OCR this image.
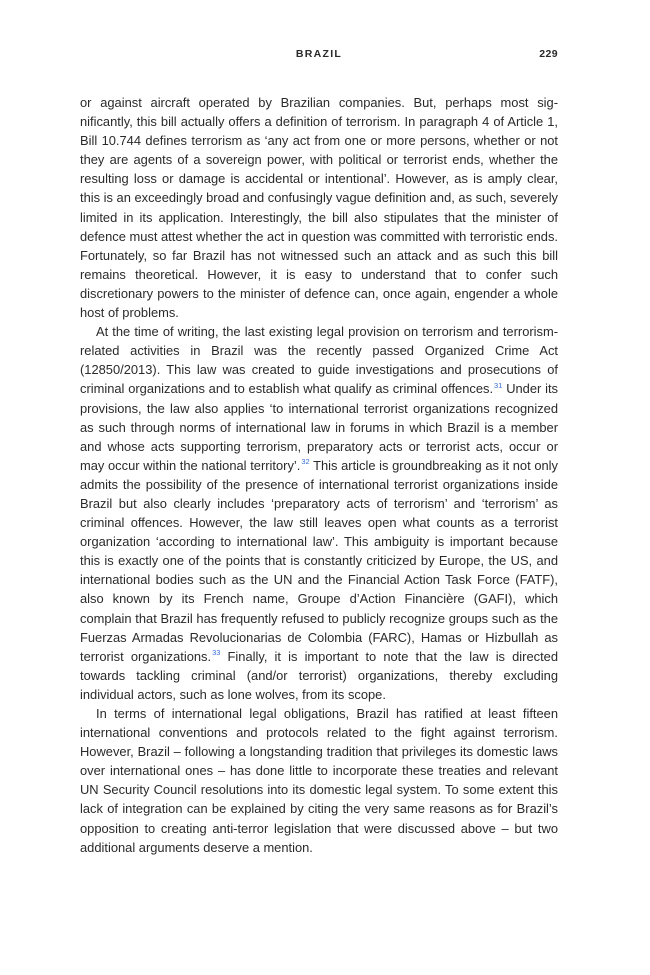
BRAZIL	229

or against aircraft operated by Brazilian companies. But, perhaps most sig-nificantly, this bill actually offers a definition of terrorism. In paragraph 4 of Article 1, Bill 10.744 defines terrorism as ‘any act from one or more persons, whether or not they are agents of a sovereign power, with political or terrorist ends, whether the resulting loss or damage is accidental or intentional’. However, as is amply clear, this is an exceedingly broad and confusingly vague definition and, as such, severely limited in its application. Interestingly, the bill also stipulates that the minister of defence must attest whether the act in question was committed with terroristic ends. Fortunately, so far Brazil has not witnessed such an attack and as such this bill remains theoretical. However, it is easy to understand that to confer such discretionary powers to the minister of defence can, once again, engender a whole host of problems.

At the time of writing, the last existing legal provision on terrorism and terrorism-related activities in Brazil was the recently passed Organized Crime Act (12850/2013). This law was created to guide investigations and prosecutions of criminal organizations and to establish what qualify as criminal offences.$^{31}$ Under its provisions, the law also applies ‘to international terrorist organizations recognized as such through norms of international law in forums in which Brazil is a member and whose acts supporting terrorism, preparatory acts or terrorist acts, occur or may occur within the national territory’.$^{32}$ This article is groundbreaking as it not only admits the possibility of the presence of international terrorist organizations inside Brazil but also clearly includes ‘preparatory acts of terrorism’ and ‘terrorism’ as criminal offences. However, the law still leaves open what counts as a terrorist organization ‘according to international law’. This ambiguity is important because this is exactly one of the points that is constantly criticized by Europe, the US, and international bodies such as the UN and the Financial Action Task Force (FATF), also known by its French name, Groupe d’Action Financière (GAFI), which complain that Brazil has frequently refused to publicly recognize groups such as the Fuerzas Armadas Revolucionarias de Colombia (FARC), Hamas or Hizbullah as terrorist organizations.$^{33}$ Finally, it is important to note that the law is directed towards tackling criminal (and/or terrorist) organizations, thereby excluding individual actors, such as lone wolves, from its scope.

In terms of international legal obligations, Brazil has ratified at least fifteen international conventions and protocols related to the fight against terrorism. However, Brazil – following a longstanding tradition that privileges its domestic laws over international ones – has done little to incorporate these treaties and relevant UN Security Council resolutions into its domestic legal system. To some extent this lack of integration can be explained by citing the very same reasons as for Brazil’s opposition to creating anti-terror legislation that were discussed above – but two additional arguments deserve a mention.
